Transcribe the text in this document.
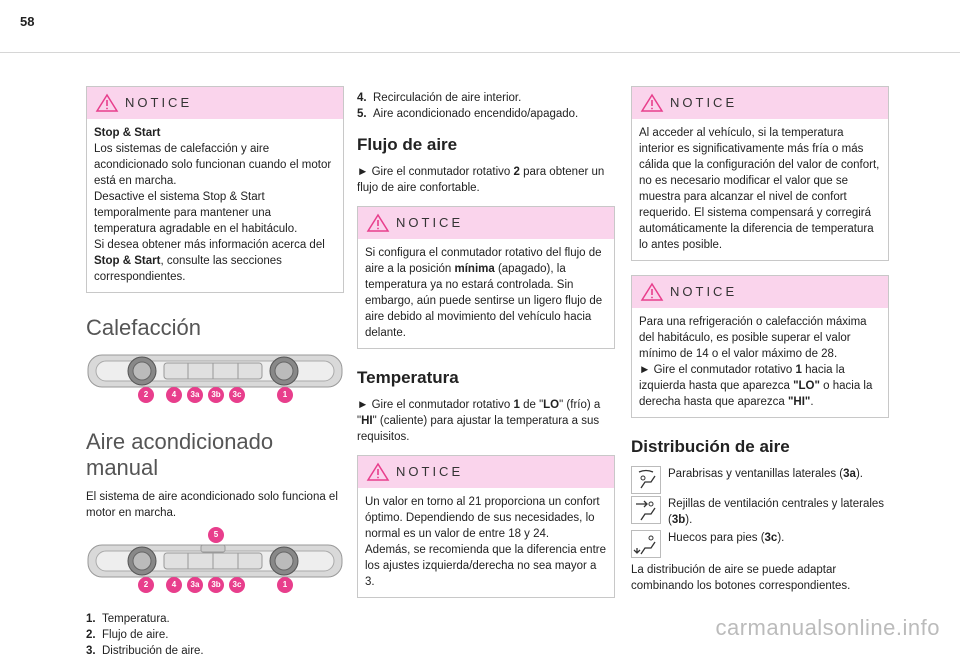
58
NOTICE

Stop & Start

Los sistemas de calefacción y aire acondicionado solo funcionan cuando el motor está en marcha.

Desactive el sistema Stop & Start temporalmente para mantener una temperatura agradable en el habitáculo.

Si desea obtener más información acerca del Stop & Start, consulte las secciones correspondientes.

Calefacción
2	4	3a	3b	3c	1
Aire acondicionado manual

El sistema de aire acondicionado solo funciona el motor en marcha.

5
2	4	3a	3b	3c	1
1. Temperatura.
2. Flujo de aire.
3. Distribución de aire.
4. Recirculación de aire interior.
5. Aire acondicionado encendido/apagado.
Flujo de aire

► Gire el conmutador rotativo 2 para obtener un flujo de aire confortable.

NOTICE

Si configura el conmutador rotativo del flujo de aire a la posición mínima (apagado), la temperatura ya no estará controlada. Sin embargo, aún puede sentirse un ligero flujo de aire debido al movimiento del vehículo hacia delante.

Temperatura

► Gire el conmutador rotativo 1 de "LO" (frío) a "HI" (caliente) para ajustar la temperatura a sus requisitos.

NOTICE

Un valor en torno al 21 proporciona un confort óptimo. Dependiendo de sus necesidades, lo normal es un valor de entre 18 y 24.

Además, se recomienda que la diferencia entre los ajustes izquierda/derecha no sea mayor a 3.

NOTICE

Al acceder al vehículo, si la temperatura interior es significativamente más fría o más cálida que la configuración del valor de confort, no es necesario modificar el valor que se muestra para alcanzar el nivel de confort requerido. El sistema compensará y corregirá automáticamente la diferencia de temperatura lo antes posible.

NOTICE

Para una refrigeración o calefacción máxima del habitáculo, es posible superar el valor mínimo de 14 o el valor máximo de 28.

► Gire el conmutador rotativo 1 hacia la izquierda hasta que aparezca "LO" o hacia la derecha hasta que aparezca "HI".

Distribución de aire

Parabrisas y ventanillas laterales (3a).

Rejillas de ventilación centrales y laterales (3b).

Huecos para pies (3c).

La distribución de aire se puede adaptar combinando los botones correspondientes.

carmanualsonline.info
